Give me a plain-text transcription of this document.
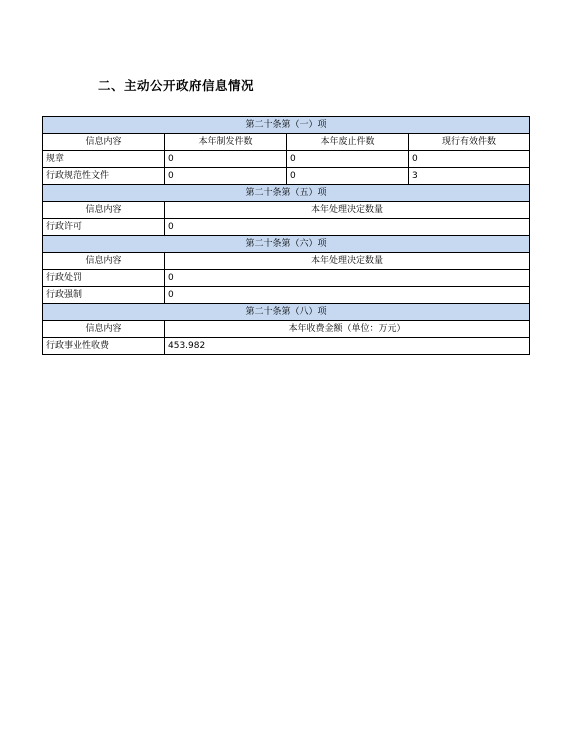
二、主动公开政府信息情况
第二十条第（一）项			
信息内容	本年制发件数	本年废止件数	现行有效件数
规章	0	0	0
行政规范性文件	0	0	3
第二十条第（五）项			
信息内容	本年处理决定数量		
行政许可	0		
第二十条第（六）项			
信息内容	本年处理决定数量		
行政处罚	0		
行政强制	0		
第二十条第（八）项			
信息内容	本年收费金额（单位：万元）		
行政事业性收费	453.982		
